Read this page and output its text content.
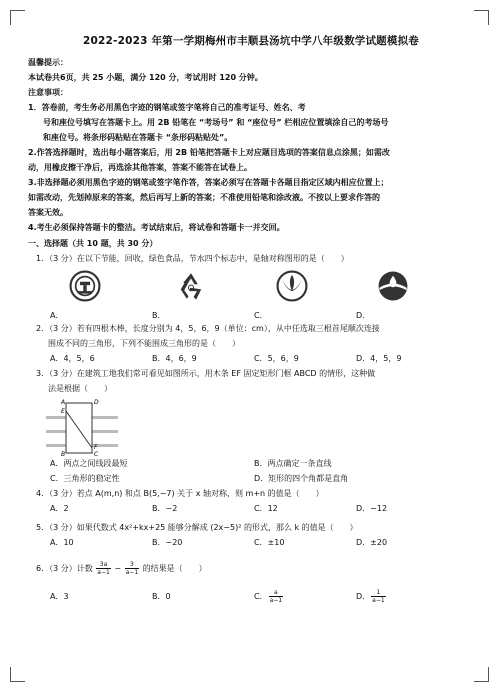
2022-2023 年第一学期梅州市丰顺县汤坑中学八年级数学试题模拟卷
温馨提示：
本试卷共6页，共 25 小题，满分 120 分，考试用时 120 分钟。
注意事项：
1．答卷前，考生务必用黑色字迹的钢笔或签字笔将自己的准考证号、姓名、考
号和座位号填写在答题卡上。用 2B 铅笔在 “考场号” 和 “座位号” 栏相应位置填涂自己的考场号
和座位号。将条形码粘贴在答题卡 “条形码粘贴处”。
2.作答选择题时，选出每小题答案后，用 2B 铅笔把答题卡上对应题目选项的答案信息点涂黑；如需改
动，用橡皮擦干净后，再选涂其他答案，答案不能答在试卷上。
3.非选择题必须用黑色字迹的钢笔或签字笔作答，答案必须写在答题卡各题目指定区域内相应位置上；
如需改动，先划掉原来的答案，然后再写上新的答案；不准使用铅笔和涂改液。不按以上要求作答的
答案无效。
4.考生必须保持答题卡的整洁。考试结束后，将试卷和答题卡一并交回。
一、选择题（共 10 题，共 30 分）
1．（3 分）在以下节能，回收，绿色食品，节水四个标志中，是轴对称图形的是（　　）
A．	B．	C．	D．
2．（3 分）若有四根木棒，长度分别为 4，5，6，9（单位：cm），从中任选取三根首尾顺次连接
围成不同的三角形，下列不能围成三角形的是（　　）
A．4，5，6	B．4，6，9	C．5，6，9	D．4，5，9
3．（3 分）在建筑工地我们常可看见如图所示，用木条 EF 固定矩形门框 ABCD 的情形，这种做
法是根据（　　）
A
E
D
B	C
F
A．两点之间线段最短	B．两点确定一条直线
C．三角形的稳定性	D．矩形的四个角都是直角
4．（3 分）若点 A(m,n) 和点 B(5,−7) 关于 x 轴对称，则 m+n 的值是（　　）
A．2	B．−2	C．12	D．−12
5．（3 分）如果代数式 4x²+kx+25 能够分解成 (2x−5)² 的形式，那么 k 的值是（　　）
A．10	B．−20	C．±10	D．±20
6．（3 分）计数 $\frac{3a}{a-1} - \frac{3}{a-1}$ 的结果是（　　）
A．3	B．0	C． $\frac{a}{a-1}$	D． $\frac{1}{a-1}$
